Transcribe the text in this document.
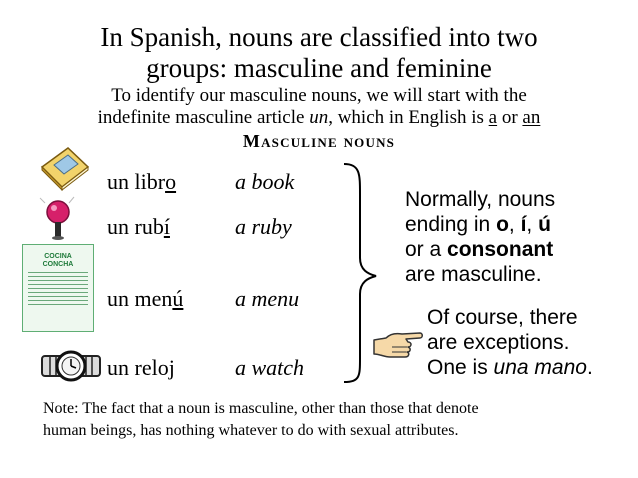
In Spanish, nouns are classified into two
groups: masculine and feminine
To identify our masculine nouns, we will start with the
indefinite masculine article un, which in English is a or an
Masculine nouns
COCINA
CONCHA
un libro	a book
un rubí	a ruby
un menú a menu
un reloj	a watch
Normally, nouns
ending in o, í, ú
or a consonant
are masculine.
Of course, there
are exceptions.
One is una mano.
Note: The fact that a noun is masculine, other than those that denote
human beings, has nothing whatever to do with sexual attributes.
